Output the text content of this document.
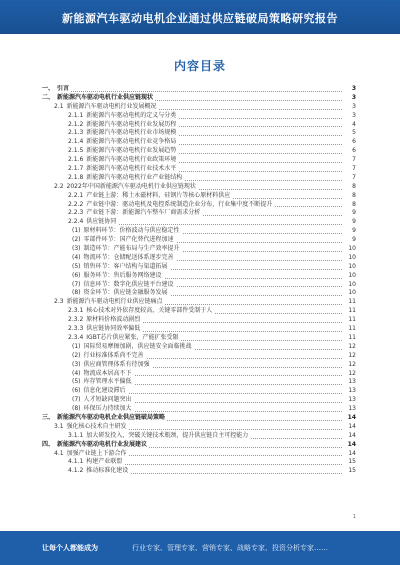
新能源汽车驱动电机企业通过供应链破局策略研究报告
内容目录
一、 引言	3
二、 新能源汽车驱动电机行业供应链现状	3
2.1 新能源汽车驱动电机行业发展概况	3
2.1.1 新能源汽车驱动电机的定义与分类	3
2.1.2 新能源汽车驱动电机行业发展历程	4
2.1.3 新能源汽车驱动电机行业市场规模	5
2.1.4 新能源汽车驱动电机行业竞争格局	6
2.1.5 新能源汽车驱动电机行业发展趋势	6
2.1.6 新能源汽车驱动电机行业政策环境	7
2.1.7 新能源汽车驱动电机行业技术水平	7
2.1.8 新能源汽车驱动电机行业产业链结构	7
2.2 2022年中国新能源汽车驱动电机行业供应链现状	8
2.2.1 产业链上游：稀土永磁材料、硅钢片等核心原材料供应	8
2.2.2 产业链中游：驱动电机及电控系统制造企业分布，行业集中度不断提升	8
2.2.3 产业链下游：新能源汽车整车厂商需求分析	9
2.2.4 供应链协同	9
(1) 原材料环节：价格波动与供应稳定性	9
(2) 零部件环节：国产化替代进程加速	9
(3) 制造环节：产能布局与生产效率提升	10
(4) 物流环节：仓储配送体系逐步完善	10
(5) 销售环节：客户结构与渠道拓展	10
(6) 服务环节：售后服务网络建设	10
(7) 信息环节：数字化供应链平台建设	10
(8) 资金环节：供应链金融服务发展	10
2.3 新能源汽车驱动电机行业供应链痛点	11
2.3.1 核心技术对外依存度较高，关键零部件受制于人	11
2.3.2 原材料价格波动剧烈	11
2.3.3 供应链协同效率偏低	11
2.3.4 IGBT芯片供应紧张，产能扩张受限	11
(1) 国际贸易摩擦加剧，供应链安全面临挑战	12
(2) 行业标准体系尚不完善	12
(3) 供应商管理体系有待加强	12
(4) 物流成本居高不下	12
(5) 库存管理水平偏低	13
(6) 信息化建设滞后	13
(7) 人才短缺问题突出	13
(8) 环保压力持续加大	13
三、 新能源汽车驱动电机企业供应链破局策略	14
3.1 强化核心技术自主研发	14
3.1.1 加大研发投入，突破关键技术瓶颈，提升供应链自主可控能力	14
四、 新能源汽车驱动电机行业发展建议	14
4.1 加强产业链上下游合作	14
4.1.1 构建产业联盟	15
4.1.2 推动标准化建设	15
1
让每个人都能成为	行业专家、管理专家、营销专家、战略专家、投资分析专家……
